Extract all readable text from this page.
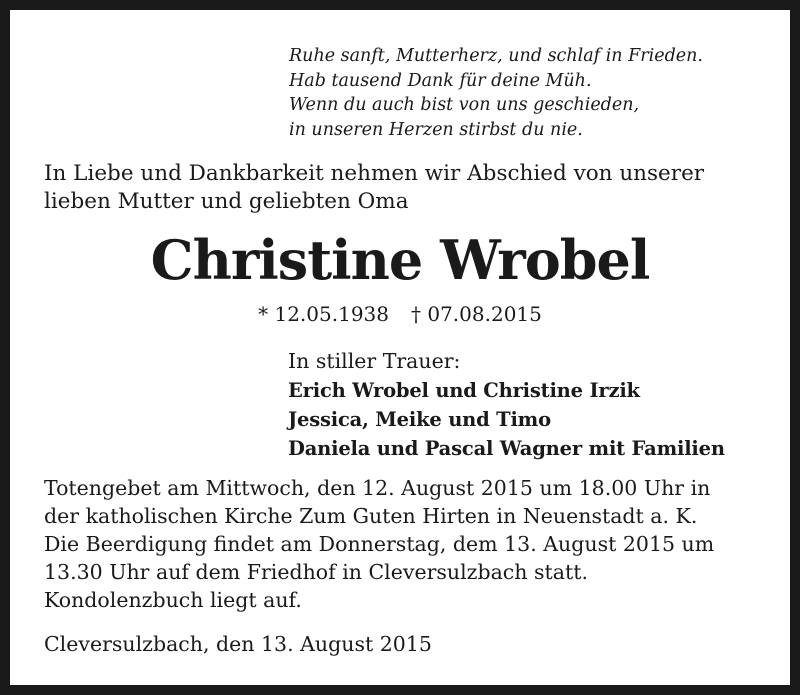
Ruhe sanft, Mutterherz, und schlaf in Frieden.
Hab tausend Dank für deine Müh.
Wenn du auch bist von uns geschieden,
in unseren Herzen stirbst du nie.
In Liebe und Dankbarkeit nehmen wir Abschied von unserer
lieben Mutter und geliebten Oma
Christine Wrobel
* 12.05.1938 † 07.08.2015
In stiller Trauer:
Erich Wrobel und Christine Irzik
Jessica, Meike und Timo
Daniela und Pascal Wagner mit Familien
Totengebet am Mittwoch, den 12. August 2015 um 18.00 Uhr in
der katholischen Kirche Zum Guten Hirten in Neuenstadt a. K.
Die Beerdigung findet am Donnerstag, dem 13. August 2015 um
13.30 Uhr auf dem Friedhof in Cleversulzbach statt.
Kondolenzbuch liegt auf.
Cleversulzbach, den 13. August 2015
